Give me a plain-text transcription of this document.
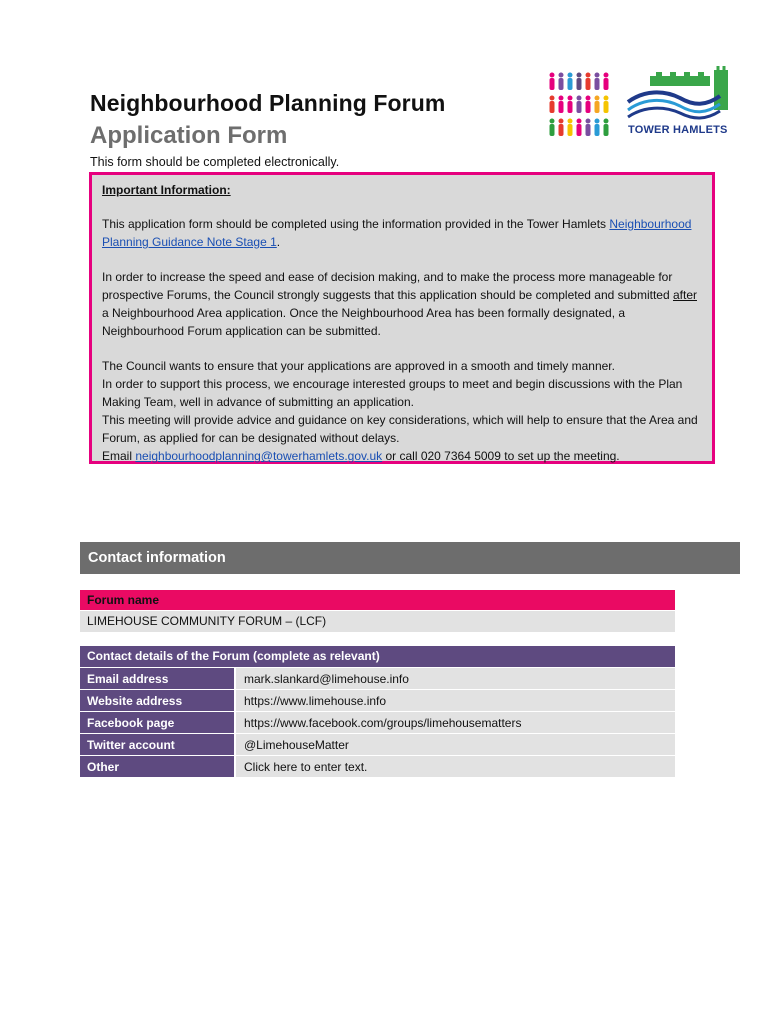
Neighbourhood Planning Forum
Application Form
This form should be completed electronically.
TOWER HAMLETS

Important Information:

This application form should be completed using the information provided in the Tower Hamlets Neighbourhood Planning Guidance Note Stage 1.

In order to increase the speed and ease of decision making, and to make the process more manageable for prospective Forums, the Council strongly suggests that this application should be completed and submitted after a Neighbourhood Area application. Once the Neighbourhood Area has been formally designated, a Neighbourhood Forum application can be submitted.

The Council wants to ensure that your applications are approved in a smooth and timely manner.

In order to support this process, we encourage interested groups to meet and begin discussions with the Plan Making Team, well in advance of submitting an application.

This meeting will provide advice and guidance on key considerations, which will help to ensure that the Area and Forum, as applied for can be designated without delays.

Email neighbourhoodplanning@towerhamlets.gov.uk or call 020 7364 5009 to set up the meeting.

Contact information
Forum name
LIMEHOUSE COMMUNITY FORUM – (LCF)
Contact details of the Forum (complete as relevant)
Email address	mark.slankard@limehouse.info
Website address	https://www.limehouse.info
Facebook page	https://www.facebook.com/groups/limehousematters
Twitter account	@LimehouseMatter
Other	Click here to enter text.
